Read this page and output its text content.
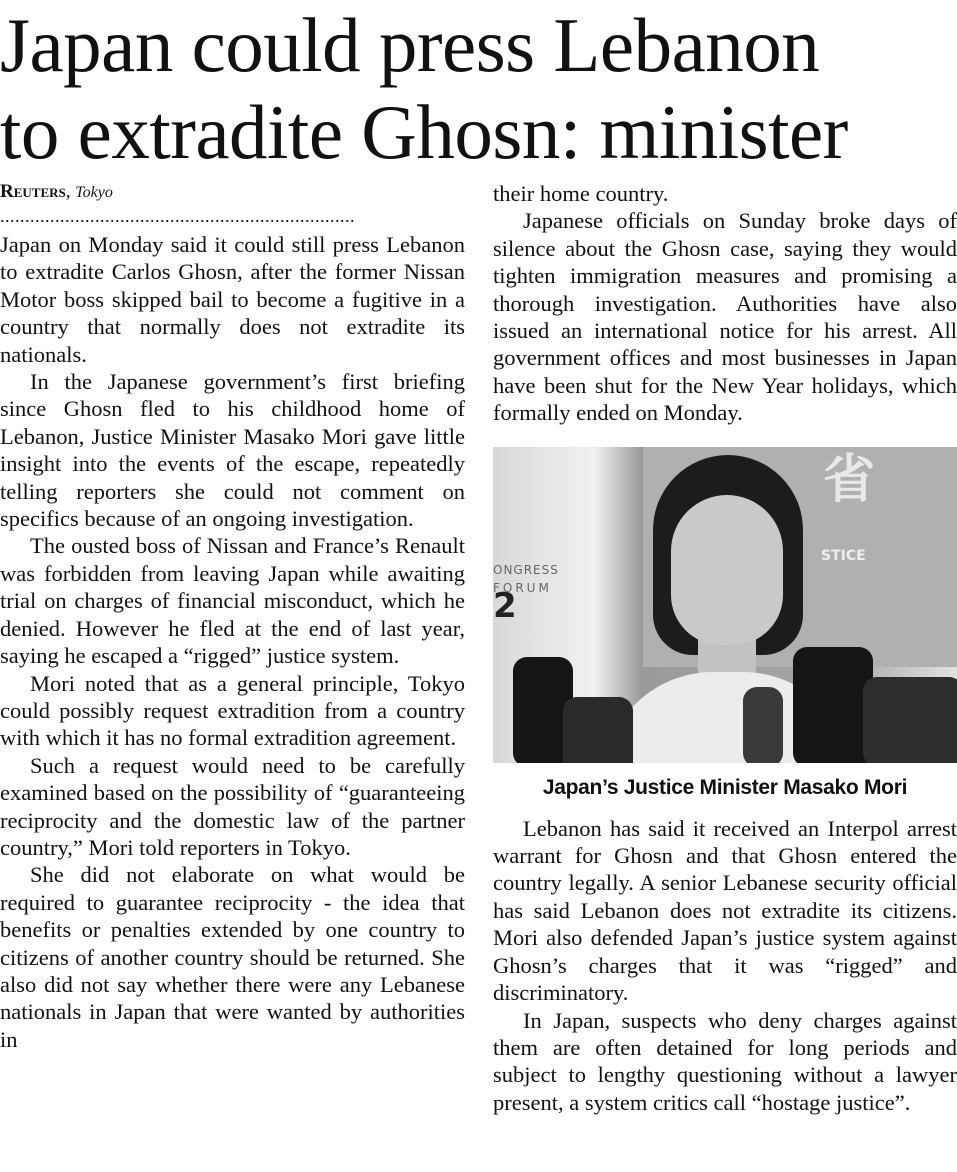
Japan could press Lebanon
to extradite Ghosn: minister

Reuters, Tokyo

.......................................................................

Japan on Monday said it could still press Lebanon to extradite Carlos Ghosn, after the former Nissan Motor boss skipped bail to become a fugitive in a country that normally does not extradite its nationals.

In the Japanese government’s first briefing since Ghosn fled to his childhood home of Lebanon, Justice Minister Masako Mori gave little insight into the events of the escape, repeatedly telling reporters she could not comment on specifics because of an ongoing investigation.

The ousted boss of Nissan and France’s Renault was forbidden from leaving Japan while awaiting trial on charges of financial misconduct, which he denied. However he fled at the end of last year, saying he escaped a “rigged” justice system.

Mori noted that as a general principle, Tokyo could possibly request extradition from a country with which it has no formal extradition agreement.

Such a request would need to be carefully examined based on the possibility of “guaranteeing reciprocity and the domestic law of the partner country,” Mori told reporters in Tokyo.

She did not elaborate on what would be required to guarantee reciprocity - the idea that benefits or penalties extended by one country to citizens of another country should be returned. She also did not say whether there were any Lebanese nationals in Japan that were wanted by authorities in

their home country.

Japanese officials on Sunday broke days of silence about the Ghosn case, saying they would tighten immigration measures and promising a thorough investigation. Authorities have also issued an international notice for his arrest. All government offices and most businesses in Japan have been shut for the New Year holidays, which formally ended on Monday.

省
ONGRESS
FORUM
2
STICE
Japan’s Justice Minister Masako Mori

Lebanon has said it received an Interpol arrest warrant for Ghosn and that Ghosn entered the country legally. A senior Lebanese security official has said Lebanon does not extradite its citizens. Mori also defended Japan’s justice system against Ghosn’s charges that it was “rigged” and discriminatory.

In Japan, suspects who deny charges against them are often detained for long periods and subject to lengthy questioning without a lawyer present, a system critics call “hostage justice”.
